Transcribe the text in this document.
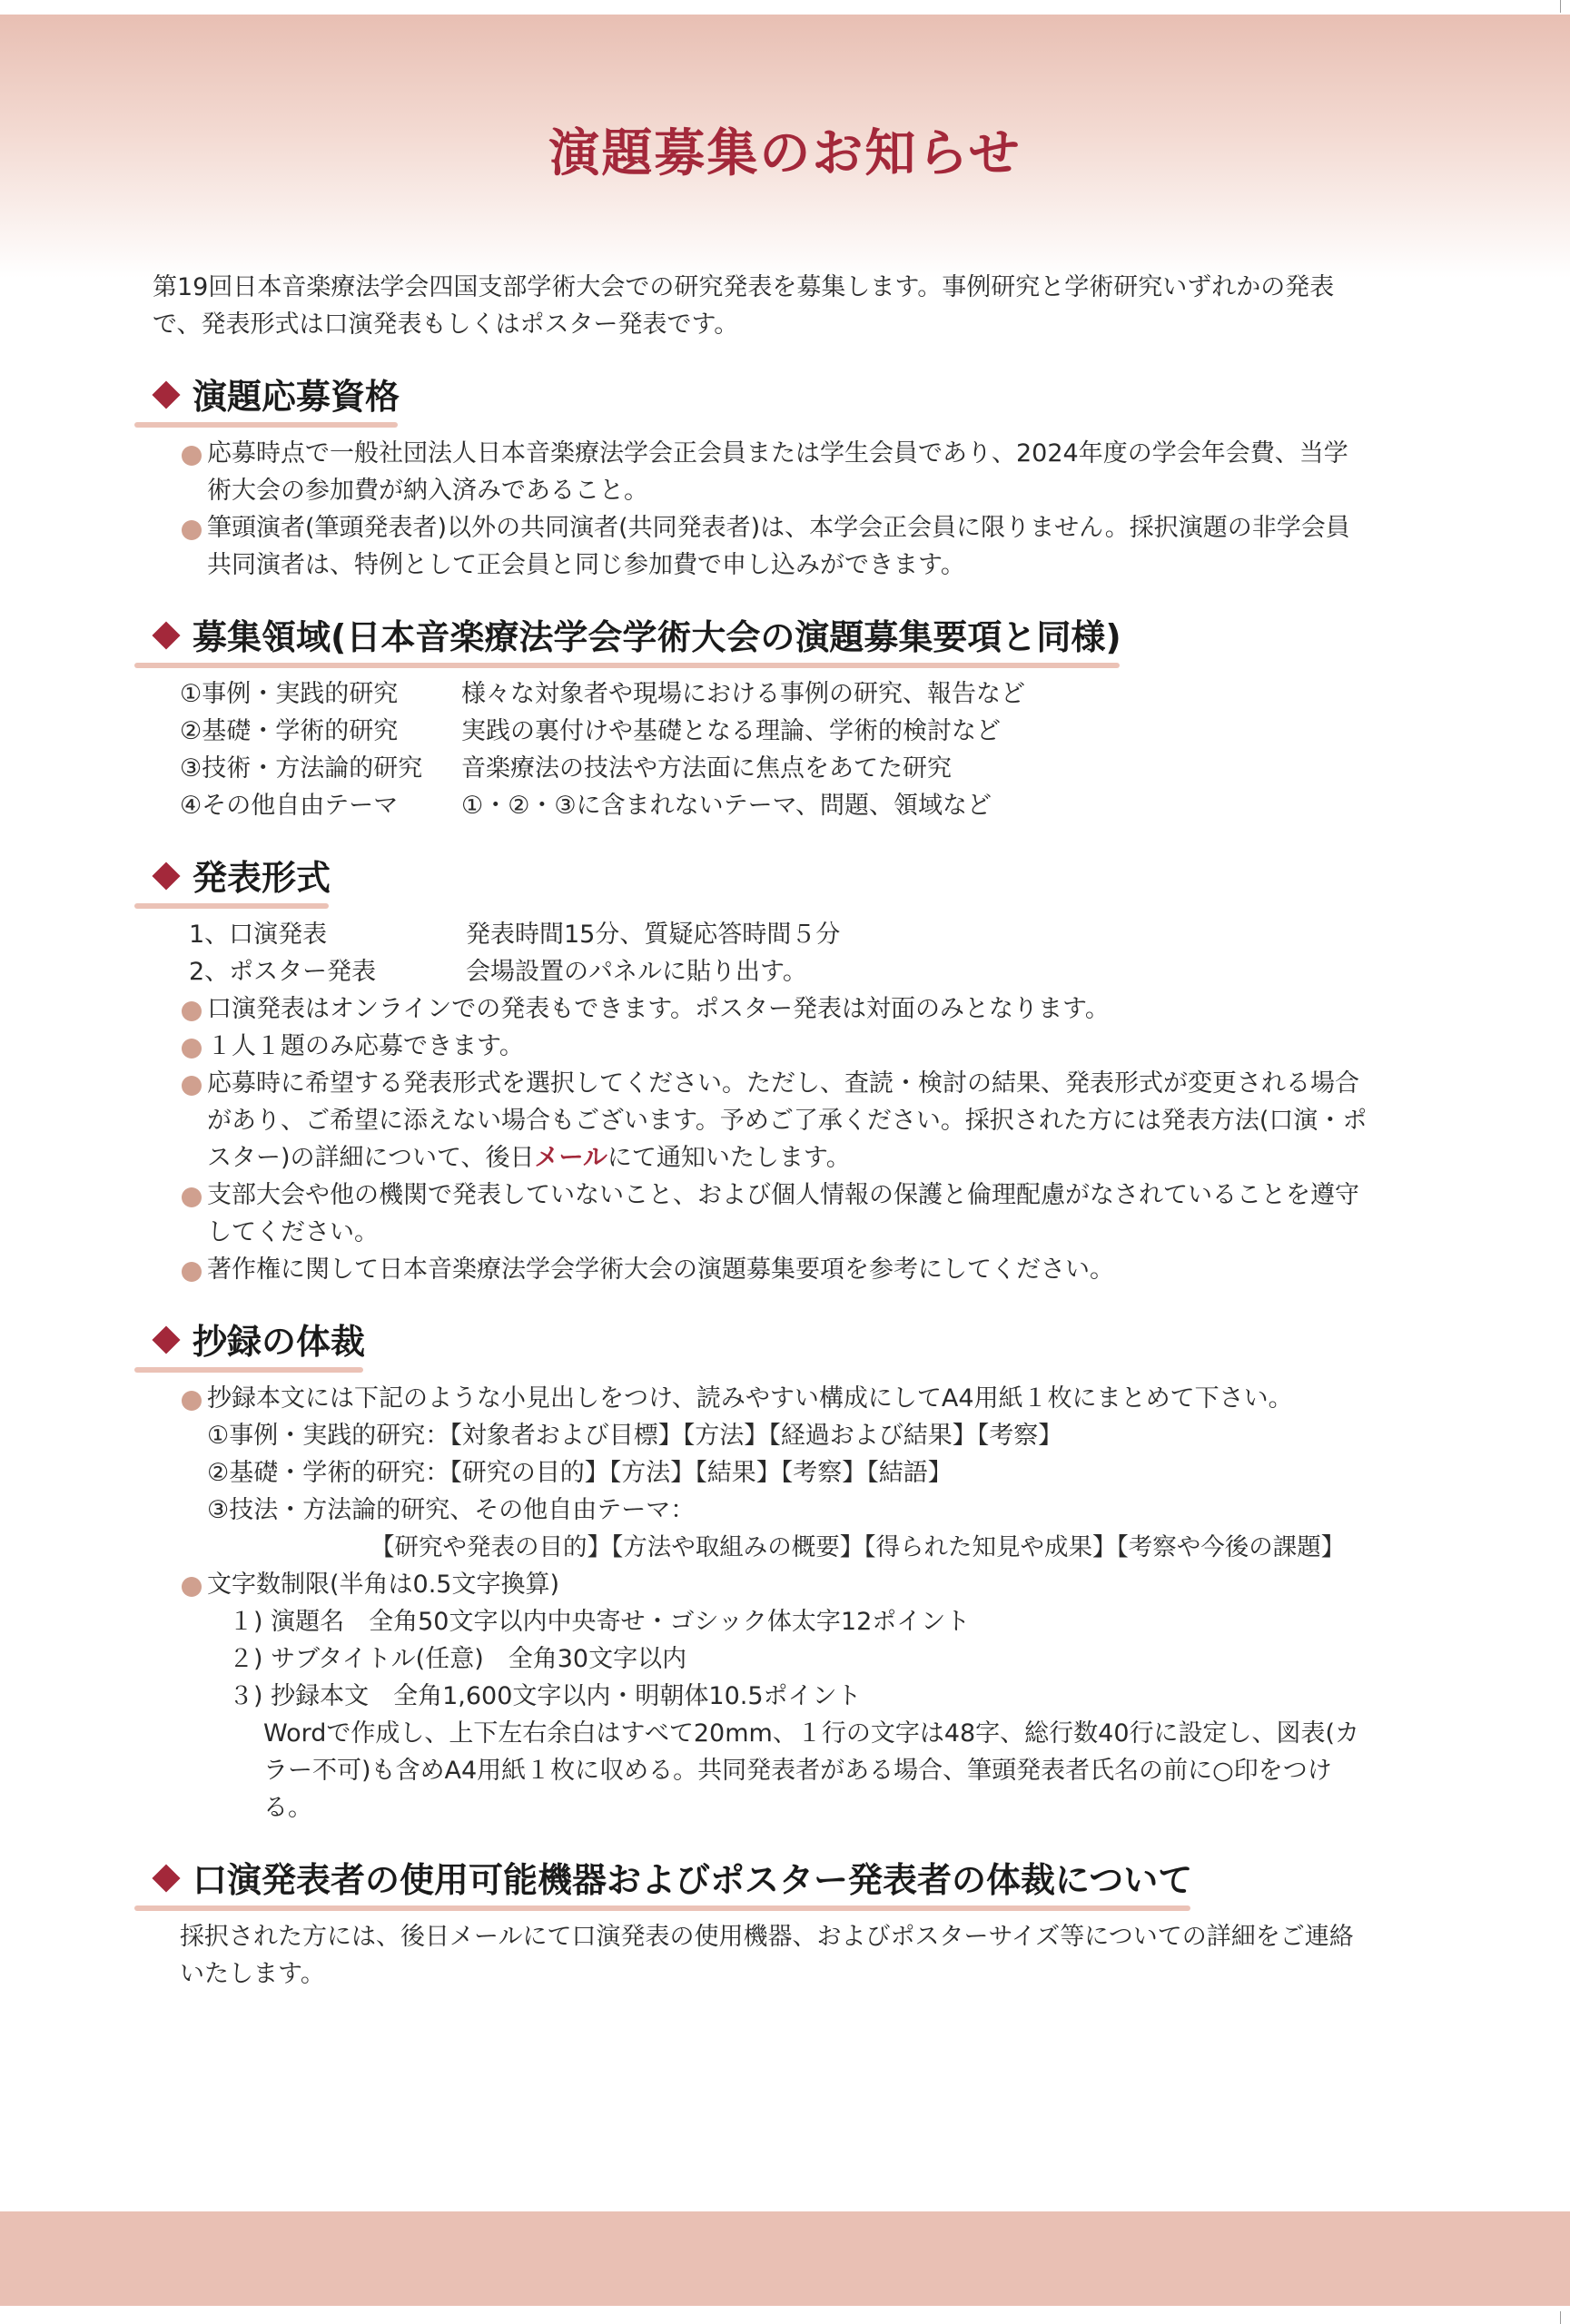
演題募集のお知らせ

第19回日本音楽療法学会四国支部学術大会での研究発表を募集します。事例研究と学術研究いずれかの発表で、発表形式は口演発表もしくはポスター発表です。

演題応募資格
応募時点で一般社団法人日本音楽療法学会正会員または学生会員であり、2024年度の学会年会費、当学術大会の参加費が納入済みであること。
筆頭演者(筆頭発表者)以外の共同演者(共同発表者)は、本学会正会員に限りません。採択演題の非学会員共同演者は、特例として正会員と同じ参加費で申し込みができます。
募集領域(日本音楽療法学会学術大会の演題募集要項と同様)
①事例・実践的研究	様々な対象者や現場における事例の研究、報告など
②基礎・学術的研究	実践の裏付けや基礎となる理論、学術的検討など
③技術・方法論的研究	音楽療法の技法や方法面に焦点をあてた研究
④その他自由テーマ	①・②・③に含まれないテーマ、問題、領域など
発表形式
1、口演発表	発表時間15分、質疑応答時間５分
2、ポスター発表	会場設置のパネルに貼り出す。
口演発表はオンラインでの発表もできます。ポスター発表は対面のみとなります。
１人１題のみ応募できます。
応募時に希望する発表形式を選択してください。ただし、査読・検討の結果、発表形式が変更される場合があり、ご希望に添えない場合もございます。予めご了承ください。採択された方には発表方法(口演・ポスター)の詳細について、後日メールにて通知いたします。
支部大会や他の機関で発表していないこと、および個人情報の保護と倫理配慮がなされていることを遵守してください。
著作権に関して日本音楽療法学会学術大会の演題募集要項を参考にしてください。
抄録の体裁
抄録本文には下記のような小見出しをつけ、読みやすい構成にしてA4用紙１枚にまとめて下さい。
①事例・実践的研究：【対象者および目標】【方法】【経過および結果】【考察】
②基礎・学術的研究：【研究の目的】【方法】【結果】【考察】【結語】
③技法・方法論的研究、その他自由テーマ：
【研究や発表の目的】【方法や取組みの概要】【得られた知見や成果】【考察や今後の課題】
文字数制限(半角は0.5文字換算)
１) 演題名　全角50文字以内中央寄せ・ゴシック体太字12ポイント
２) サブタイトル(任意)　全角30文字以内
３) 抄録本文　全角1,600文字以内・明朝体10.5ポイント
Wordで作成し、上下左右余白はすべて20mm、１行の文字は48字、総行数40行に設定し、図表(カラー不可)も含めA4用紙１枚に収める。共同発表者がある場合、筆頭発表者氏名の前に○印をつける。
口演発表者の使用可能機器およびポスター発表者の体裁について
採択された方には、後日メールにて口演発表の使用機器、およびポスターサイズ等についての詳細をご連絡いたします。
